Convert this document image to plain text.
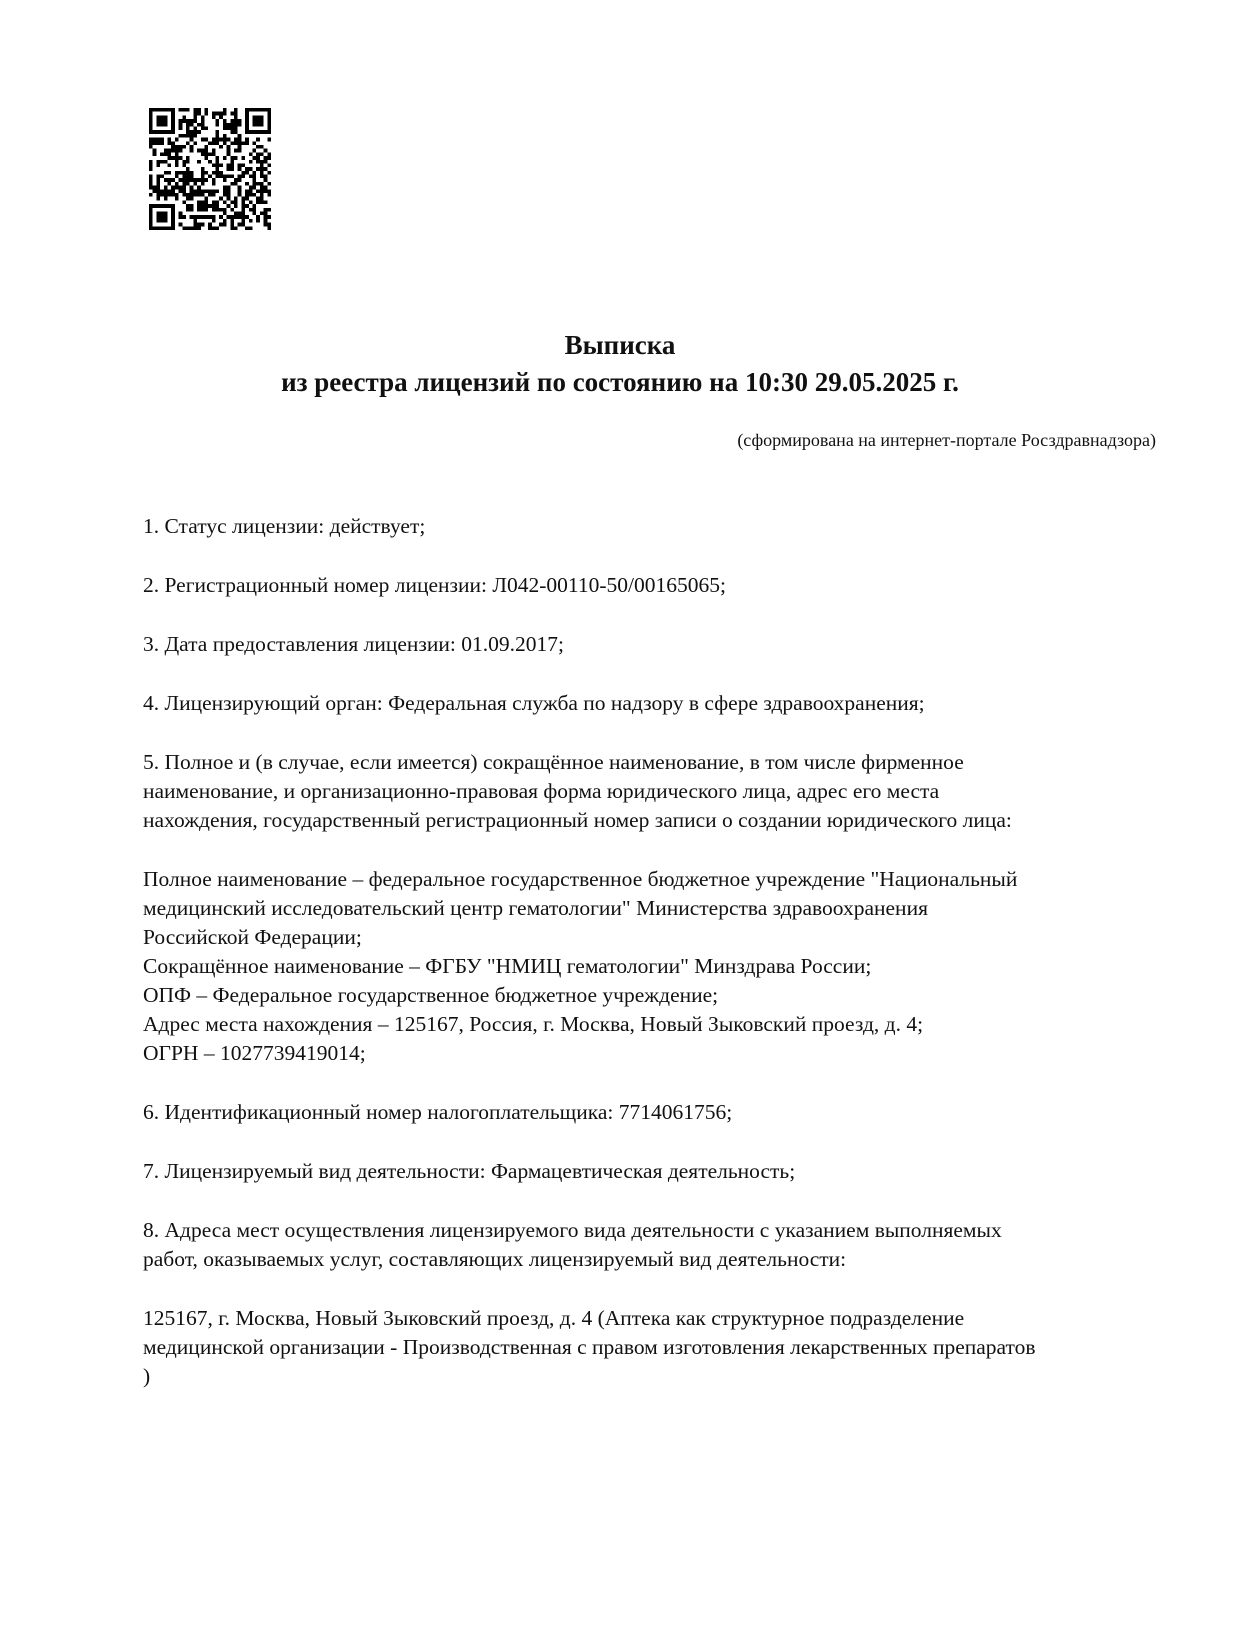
Выписка
из реестра лицензий по состоянию на 10:30 29.05.2025 г.
(сформирована на интернет-портале Росздравнадзора)

1. Статус лицензии: действует;

2. Регистрационный номер лицензии: Л042-00110-50/00165065;

3. Дата предоставления лицензии: 01.09.2017;

4. Лицензирующий орган: Федеральная служба по надзору в сфере здравоохранения;

5. Полное и (в случае, если имеется) сокращённое наименование, в том числе фирменное
наименование, и организационно-правовая форма юридического лица, адрес его места
нахождения, государственный регистрационный номер записи о создании юридического лица:
Полное наименование – федеральное государственное бюджетное учреждение "Национальный
медицинский исследовательский центр гематологии" Министерства здравоохранения
Российской Федерации;
Сокращённое наименование – ФГБУ "НМИЦ гематологии" Минздрава России;
ОПФ – Федеральное государственное бюджетное учреждение;
Адрес места нахождения – 125167, Россия, г. Москва, Новый Зыковский проезд, д. 4;
ОГРН – 1027739419014;

6. Идентификационный номер налогоплательщика: 7714061756;

7. Лицензируемый вид деятельности: Фармацевтическая деятельность;

8. Адреса мест осуществления лицензируемого вида деятельности с указанием выполняемых
работ, оказываемых услуг, составляющих лицензируемый вид деятельности:
125167, г. Москва, Новый Зыковский проезд, д. 4 (Аптека как структурное подразделение
медицинской организации - Производственная с правом изготовления лекарственных препаратов
)
